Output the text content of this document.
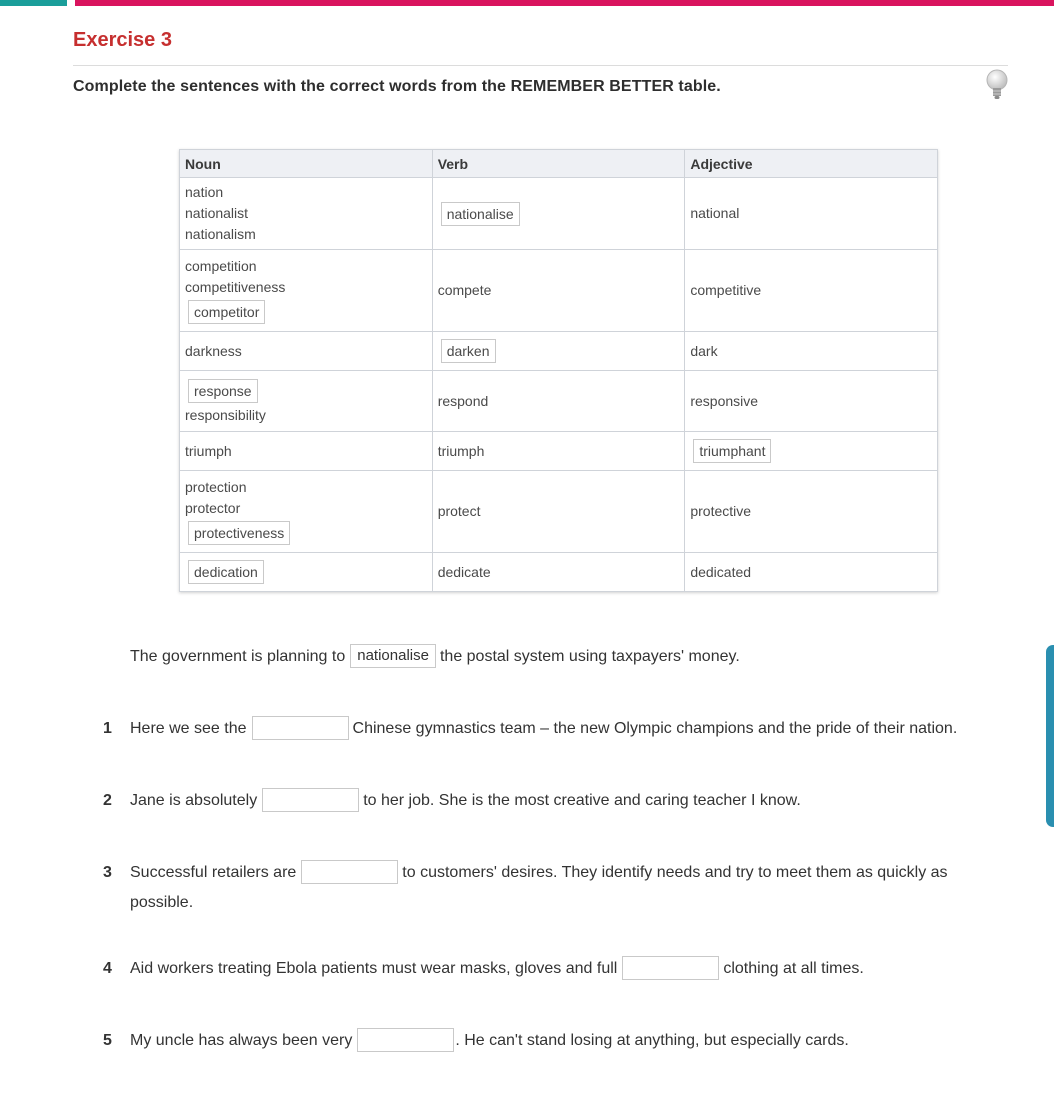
Exercise 3
Complete the sentences with the correct words from the REMEMBER BETTER table.
Noun	Verb	Adjective

nation
nationalist
nationalism	nationalise	national

competition
competitiveness
competitor	compete	competitive
darkness	darken	dark
response
responsibility	respond	responsive
triumph	triumph	triumphant

protection
protector
protectiveness	protect	protective
dedication	dedicate	dedicated
The government is planning to nationalise the postal system using taxpayers' money.
1 Here we see the	Chinese gymnastics team – the new Olympic champions and the pride of their nation.
2 Jane is absolutely	to her job. She is the most creative and caring teacher I know.
3 Successful retailers are	to customers' desires. They identify needs and try to meet them as quickly as
possible.
4 Aid workers treating Ebola patients must wear masks, gloves and full	clothing at all times.
5 My uncle has always been very	. He can't stand losing at anything, but especially cards.
